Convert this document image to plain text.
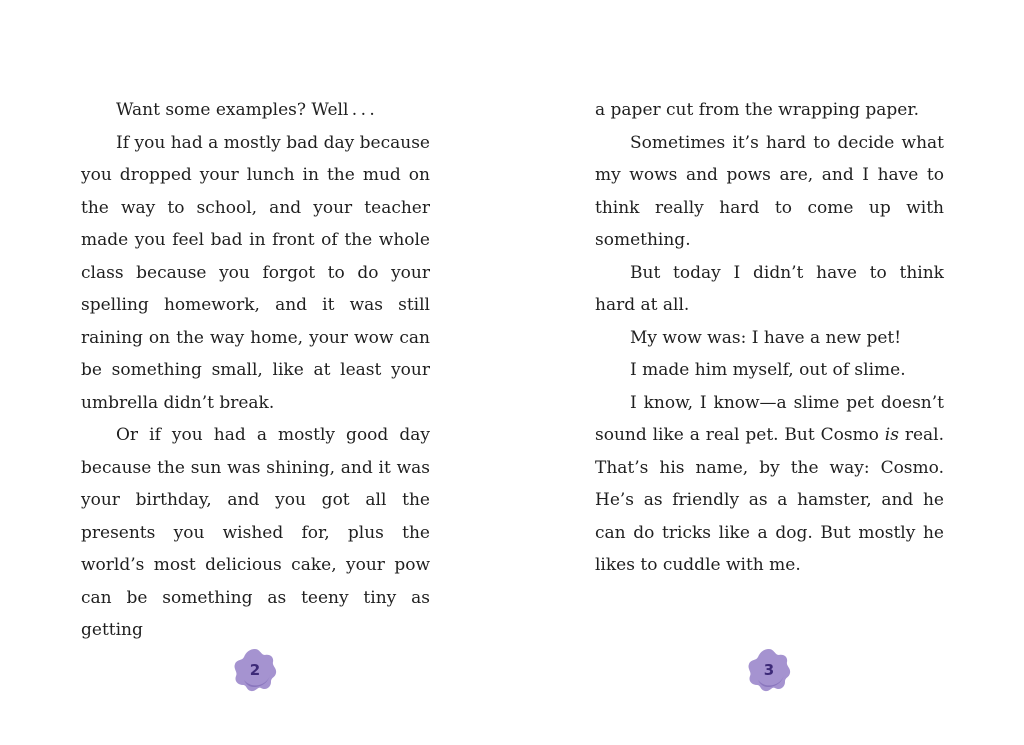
Want some examples? Well . . .

If you had a mostly bad day because you dropped your lunch in the mud on the way to school, and your teacher made you feel bad in front of the whole class because you forgot to do your spelling homework, and it was still raining on the way home, your wow can be something small, like at least your umbrella didn’t break.

Or if you had a mostly good day because the sun was shining, and it was your birthday, and you got all the presents you wished for, plus the world’s most delicious cake, your pow can be something as teeny tiny as getting

a paper cut from the wrapping paper.

Sometimes it’s hard to decide what my wows and pows are, and I have to think really hard to come up with something.

But today I didn’t have to think hard at all.

My wow was: I have a new pet!

I made him myself, out of slime.

I know, I know—a slime pet doesn’t sound like a real pet. But Cosmo is real. That’s his name, by the way: Cosmo. He’s as friendly as a hamster, and he can do tricks like a dog. But mostly he likes to cuddle with me.

2	3
